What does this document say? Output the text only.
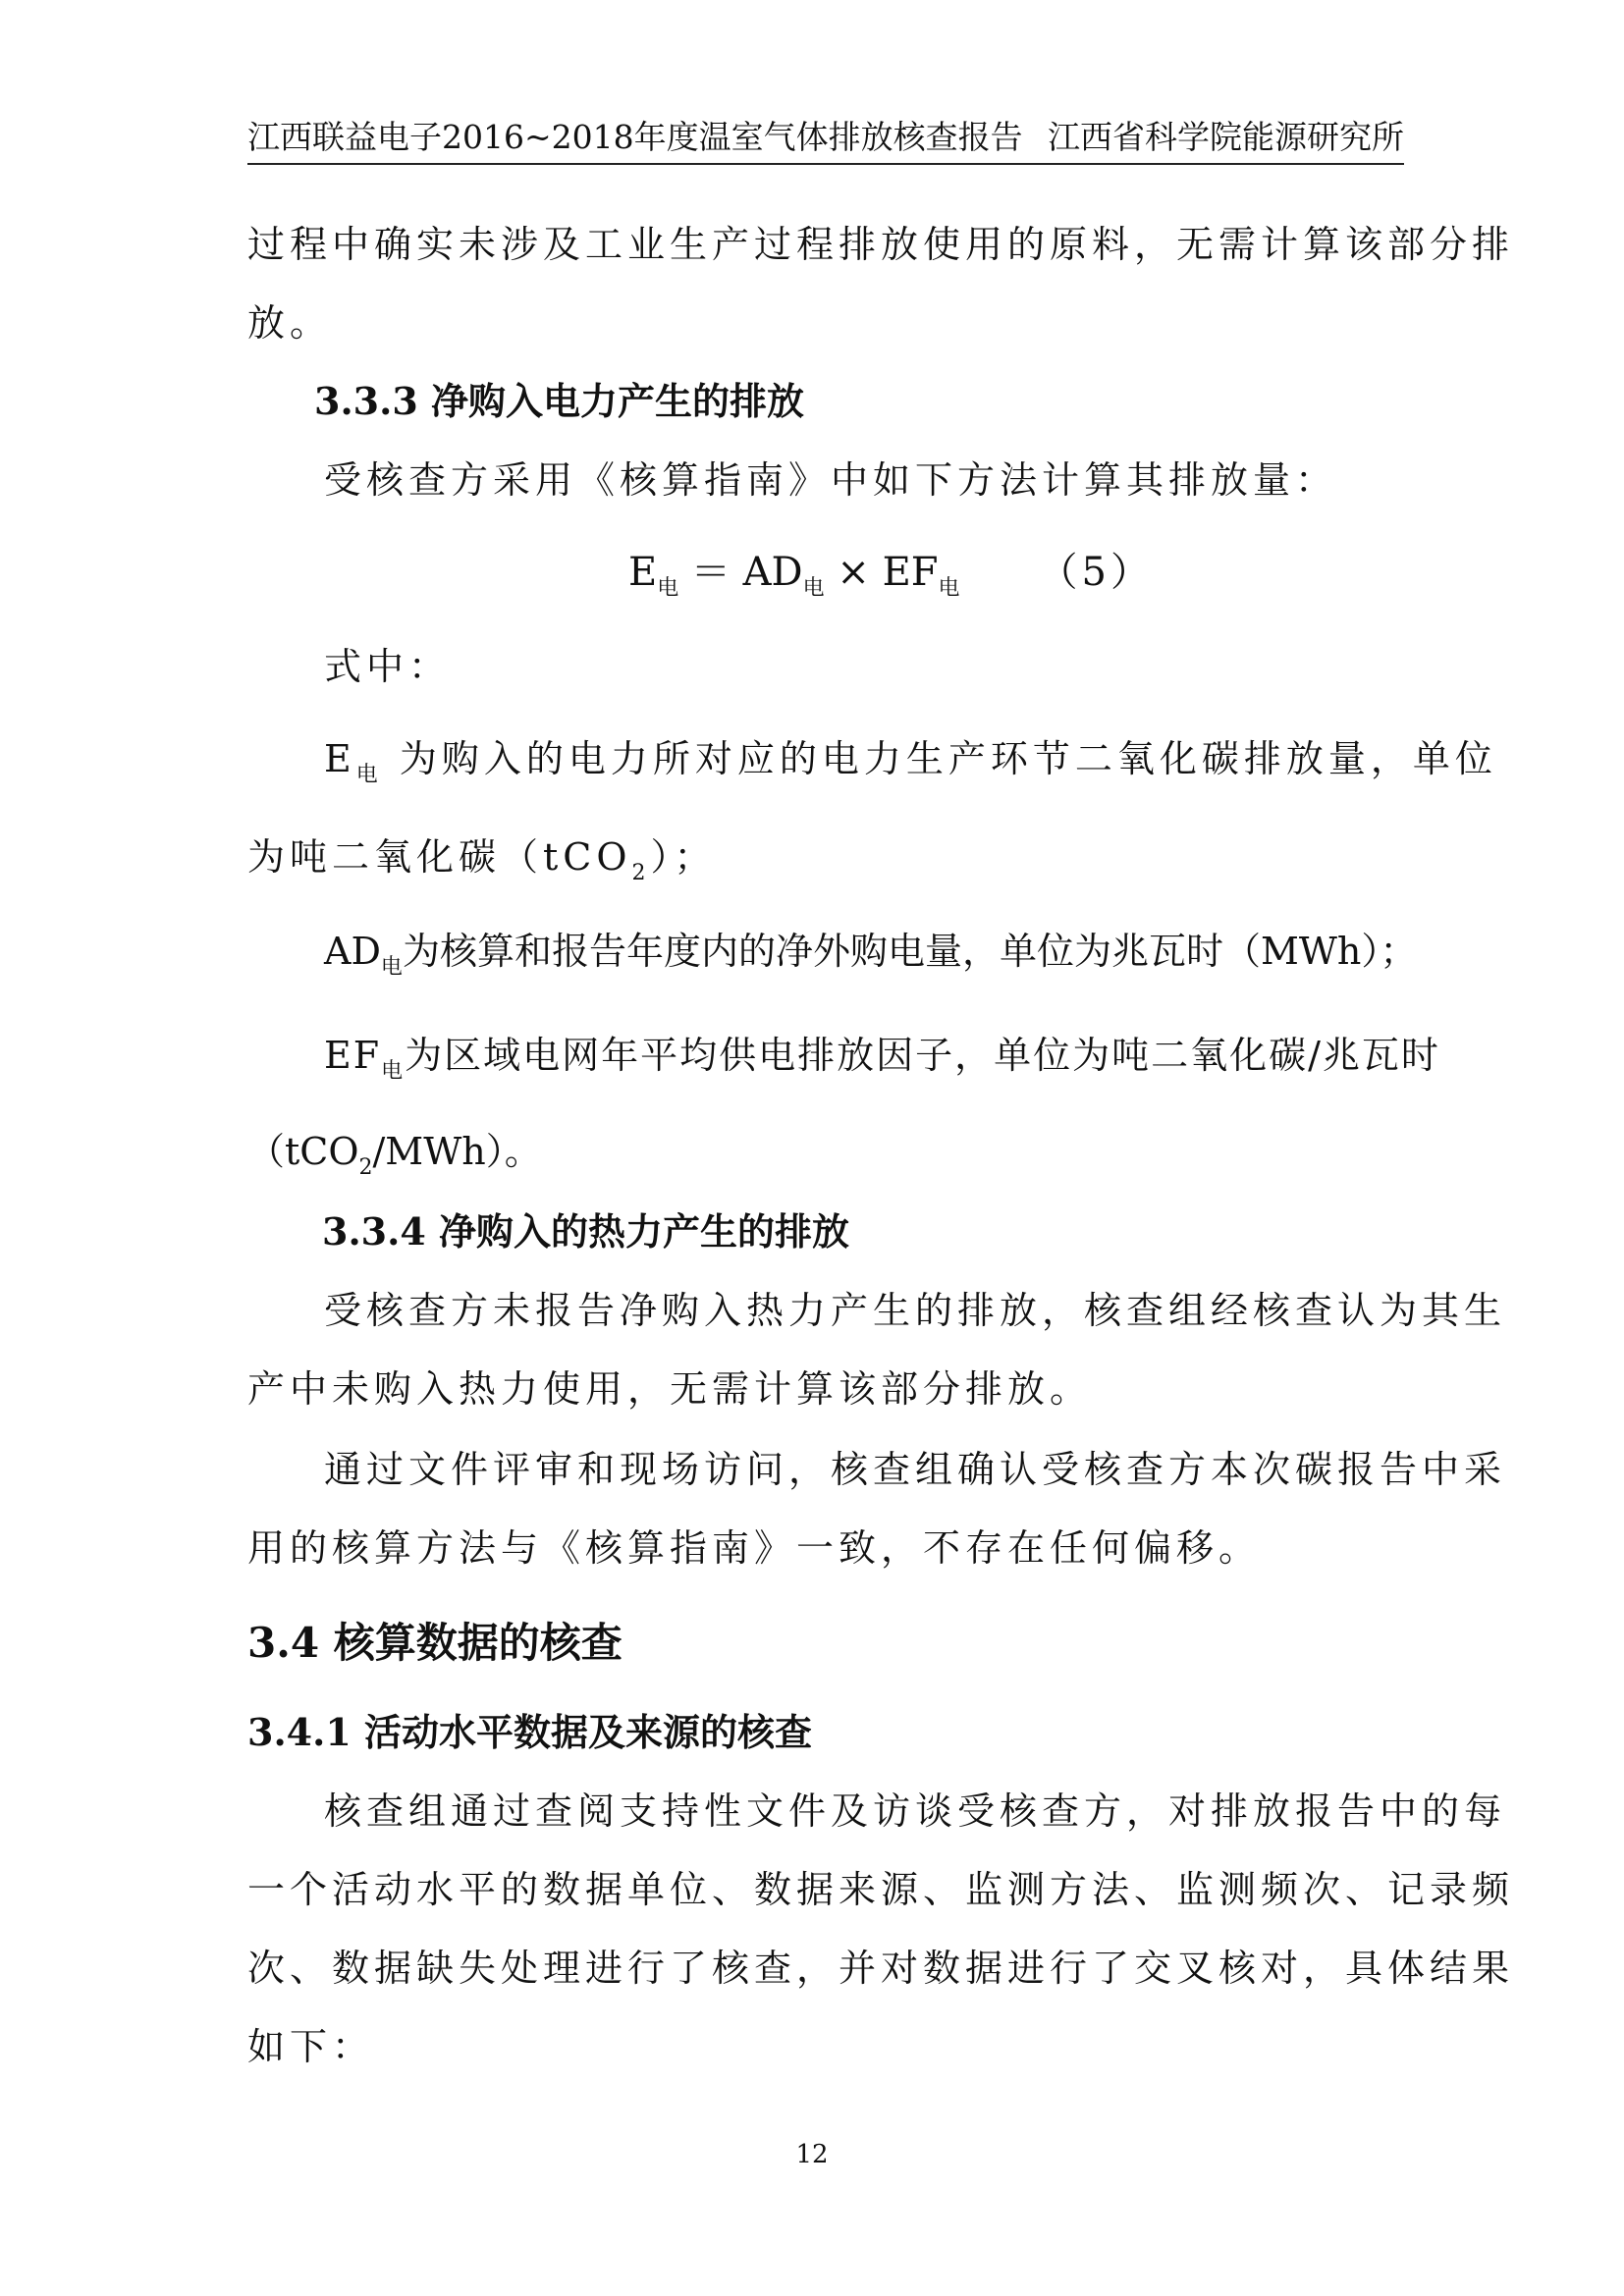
江西联益电子2016~2018年度温室气体排放核查报告 江西省科学院能源研究所
过程中确实未涉及工业生产过程排放使用的原料，无需计算该部分排
放。
3.3.3 净购入电力产生的排放
受核查方采用《核算指南》中如下方法计算其排放量：
$E_电 = AD_电 \times EF_电$ （5）
式中：
$E_电$ 为购入的电力所对应的电力生产环节二氧化碳排放量，单位
为吨二氧化碳（tCO$_2$）；
$AD_电$为核算和报告年度内的净外购电量，单位为兆瓦时（MWh）；
$EF_电$为区域电网年平均供电排放因子，单位为吨二氧化碳/兆瓦时
（tCO$_2$/MWh）。
3.3.4 净购入的热力产生的排放
受核查方未报告净购入热力产生的排放，核查组经核查认为其生
产中未购入热力使用，无需计算该部分排放。
通过文件评审和现场访问，核查组确认受核查方本次碳报告中采
用的核算方法与《核算指南》一致，不存在任何偏移。
3.4 核算数据的核查
3.4.1 活动水平数据及来源的核查
核查组通过查阅支持性文件及访谈受核查方，对排放报告中的每
一个活动水平的数据单位、数据来源、监测方法、监测频次、记录频
次、数据缺失处理进行了核查，并对数据进行了交叉核对，具体结果
如下：
12
